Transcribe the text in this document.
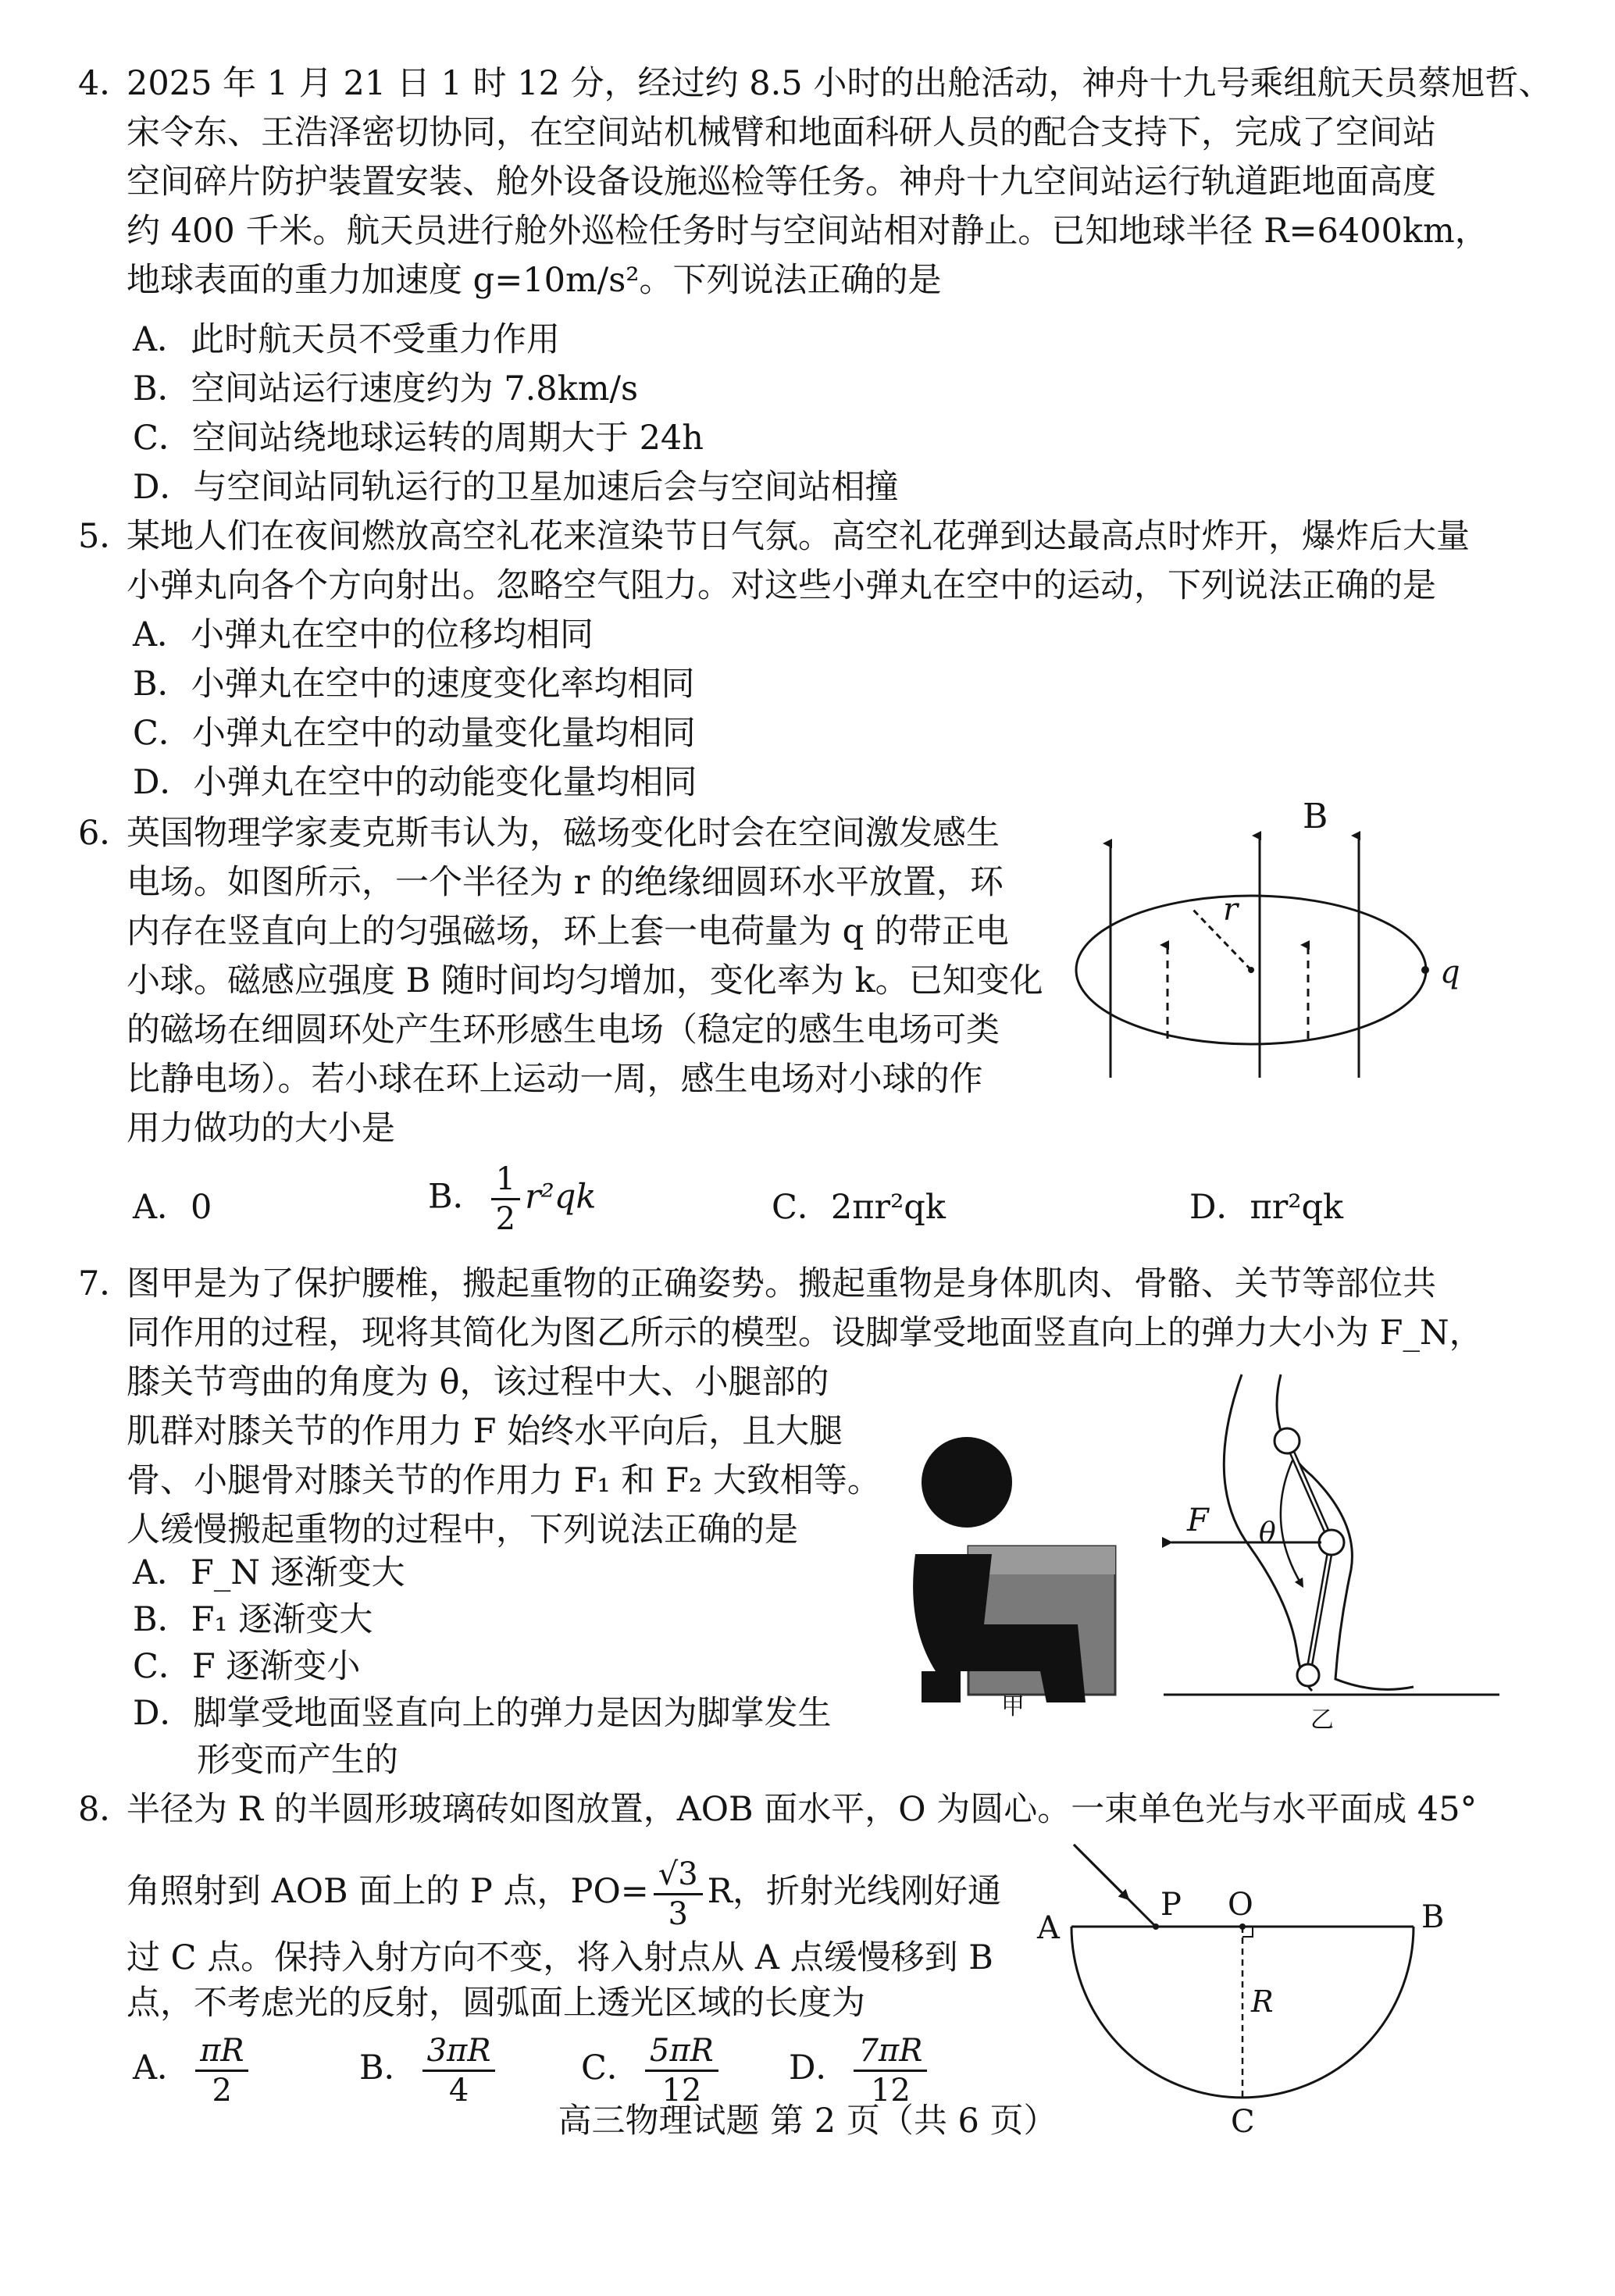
4．

2025 年 1 月 21 日 1 时 12 分，经过约 8.5 小时的出舱活动，神舟十九号乘组航天员蔡旭哲、

宋令东、王浩泽密切协同，在空间站机械臂和地面科研人员的配合支持下，完成了空间站

空间碎片防护装置安装、舱外设备设施巡检等任务。神舟十九空间站运行轨道距地面高度

约 400 千米。航天员进行舱外巡检任务时与空间站相对静止。已知地球半径 R=6400km，

地球表面的重力加速度 g=10m/s²。下列说法正确的是

A．此时航天员不受重力作用
B．空间站运行速度约为 7.8km/s
C．空间站绕地球运转的周期大于 24h
D．与空间站同轨运行的卫星加速后会与空间站相撞
5．

某地人们在夜间燃放高空礼花来渲染节日气氛。高空礼花弹到达最高点时炸开，爆炸后大量

小弹丸向各个方向射出。忽略空气阻力。对这些小弹丸在空中的运动，下列说法正确的是

A．小弹丸在空中的位移均相同
B．小弹丸在空中的速度变化率均相同
C．小弹丸在空中的动量变化量均相同
D．小弹丸在空中的动能变化量均相同
6．

英国物理学家麦克斯韦认为，磁场变化时会在空间激发感生

电场。如图所示，一个半径为 r 的绝缘细圆环水平放置，环

内存在竖直向上的匀强磁场，环上套一电荷量为 q 的带正电

小球。磁感应强度 B 随时间均匀增加，变化率为 k。已知变化

的磁场在细圆环处产生环形感生电场（稳定的感生电场可类

比静电场）。若小球在环上运动一周，感生电场对小球的作

用力做功的大小是

A．0	B． $\frac{1}{2} r^2qk$	C．2πr²qk	D．πr²qk
B
r
q
7．

图甲是为了保护腰椎，搬起重物的正确姿势。搬起重物是身体肌肉、骨骼、关节等部位共

同作用的过程，现将其简化为图乙所示的模型。设脚掌受地面竖直向上的弹力大小为 F_N，

膝关节弯曲的角度为 θ，该过程中大、小腿部的

肌群对膝关节的作用力 F 始终水平向后，且大腿

骨、小腿骨对膝关节的作用力 F₁ 和 F₂ 大致相等。

人缓慢搬起重物的过程中，下列说法正确的是

A．F_N 逐渐变大
B．F₁ 逐渐变大
C．F 逐渐变小
D．脚掌受地面竖直向上的弹力是因为脚掌发生
形变而产生的
甲
F θ
乙
8．

半径为 R 的半圆形玻璃砖如图放置，AOB 面水平，O 为圆心。一束单色光与水平面成 45°

角照射到 AOB 面上的 P 点，$PO= \frac{√3}{3}$ R，折射光线刚好通
过 C 点。保持入射方向不变，将入射点从 A 点缓慢移到 B
点，不考虑光的反射，圆弧面上透光区域的长度为
A． $\frac{\pi R}{2}$	B． $\frac{3\pi R}{4}$	C． $\frac{5\pi R}{12}$ D． $\frac{7\pi R}{12}$
A
P O	B
R
C
高三物理试题 第 2 页（共 6 页）
